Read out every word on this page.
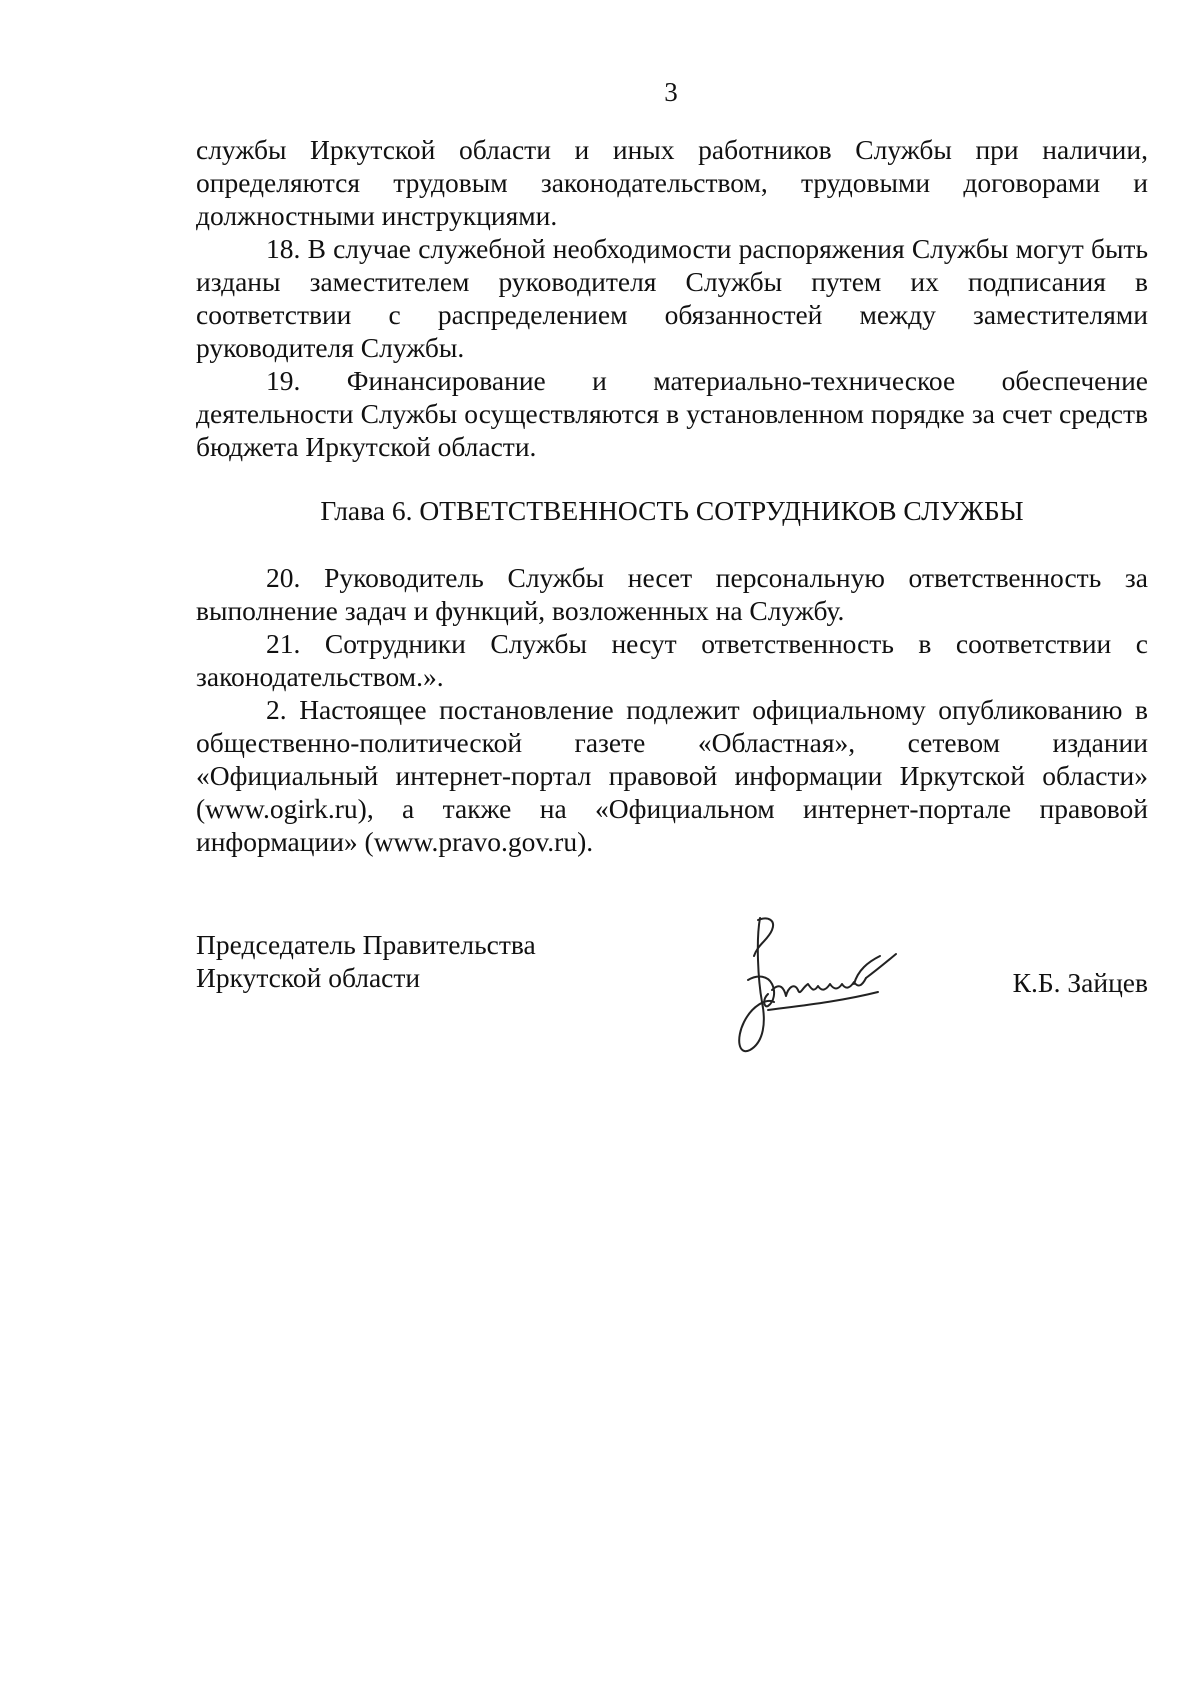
3

службы Иркутской области и иных работников Службы при наличии, определяются трудовым законодательством, трудовыми договорами и должностными инструкциями.

18. В случае служебной необходимости распоряжения Службы могут быть изданы заместителем руководителя Службы путем их подписания в соответствии с распределением обязанностей между заместителями руководителя Службы.

19. Финансирование и материально-техническое обеспечение деятельности Службы осуществляются в установленном порядке за счет средств бюджета Иркутской области.

Глава 6. ОТВЕТСТВЕННОСТЬ СОТРУДНИКОВ СЛУЖБЫ

20. Руководитель Службы несет персональную ответственность за выполнение задач и функций, возложенных на Службу.

21. Сотрудники Службы несут ответственность в соответствии с законодательством.».

2. Настоящее постановление подлежит официальному опубликованию в общественно-политической газете «Областная», сетевом издании «Официальный интернет-портал правовой информации Иркутской области» (www.ogirk.ru), а также на «Официальном интернет-портале правовой информации» (www.pravo.gov.ru).

Председатель Правительства
Иркутской области	К.Б. Зайцев
